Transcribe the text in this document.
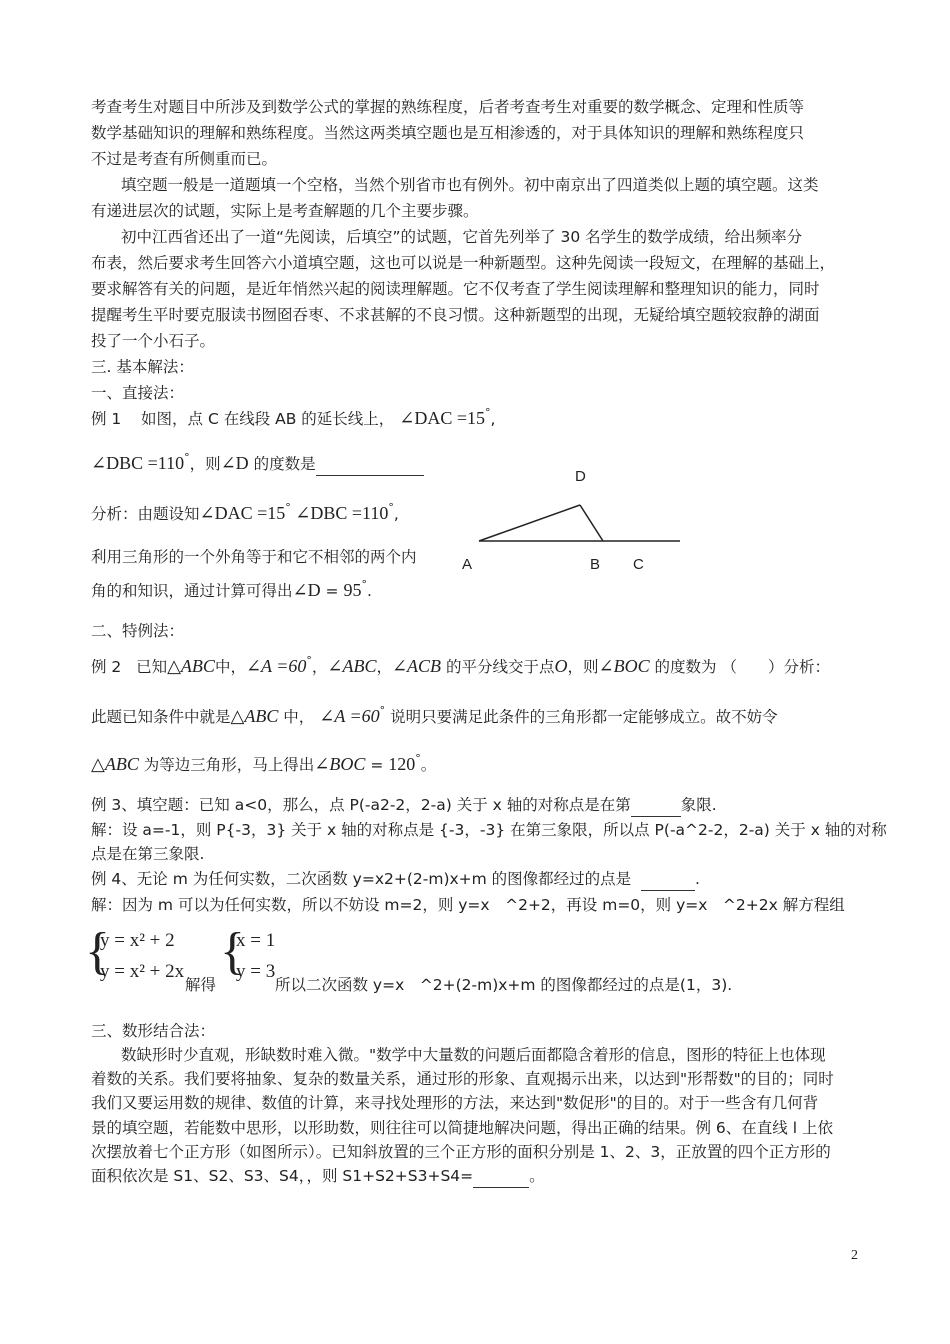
考查考生对题目中所涉及到数学公式的掌握的熟练程度，后者考查考生对重要的数学概念、定理和性质等
数学基础知识的理解和熟练程度。当然这两类填空题也是互相渗透的，对于具体知识的理解和熟练程度只
不过是考查有所侧重而已。
填空题一般是一道题填一个空格，当然个别省市也有例外。初中南京出了四道类似上题的填空题。这类
有递进层次的试题，实际上是考查解题的几个主要步骤。
初中江西省还出了一道“先阅读，后填空”的试题，它首先列举了 30 名学生的数学成绩，给出频率分
布表，然后要求考生回答六小道填空题，这也可以说是一种新题型。这种先阅读一段短文，在理解的基础上，
要求解答有关的问题，是近年悄然兴起的阅读理解题。它不仅考查了学生阅读理解和整理知识的能力，同时
提醒考生平时要克服读书囫囵吞枣、不求甚解的不良习惯。这种新题型的出现，无疑给填空题较寂静的湖面
投了一个小石子。
三. 基本解法：
一、直接法：
例 1 如图，点 C 在线段 AB 的延长线上， ∠DAC =15°,
∠DBC =110°，则∠D 的度数是
分析：由题设知∠DAC =15° ∠DBC =110°,
利用三角形的一个外角等于和它不相邻的两个内
角的和知识，通过计算可得出∠D = 95°.
D
A	B C
二、特例法：
例 2 已知△ABC中，∠A =60°，∠ABC，∠ACB 的平分线交于点O，则∠BOC 的度数为 （　　）分析：
此题已知条件中就是△ABC 中， ∠A =60° 说明只要满足此条件的三角形都一定能够成立。故不妨令
△ABC 为等边三角形，马上得出∠BOC = 120°。
例 3、填空题：已知 a<0，那么，点 P(-a2-2，2-a) 关于 x 轴的对称点是在第	象限.
解：设 a=-1，则 P{-3，3} 关于 x 轴的对称点是 {-3，-3} 在第三象限，所以点 P(-a^2-2，2-a) 关于 x 轴的对称
点是在第三象限.
例 4、无论 m 为任何实数，二次函数 y=x2+(2-m)x+m 的图像都经过的点是	.
解：因为 m 可以为任何实数，所以不妨设 m=2，则 y=x　^2+2，再设 m=0，则 y=x　^2+2x 解方程组
{
y = x² + 2
y = x² + 2x
解得
{
x = 1
y = 3
所以二次函数 y=x　^2+(2-m)x+m 的图像都经过的点是(1，3).
三、数形结合法：
数缺形时少直观，形缺数时难入微。"数学中大量数的问题后面都隐含着形的信息，图形的特征上也体现
着数的关系。我们要将抽象、复杂的数量关系，通过形的形象、直观揭示出来，以达到"形帮数"的目的；同时
我们又要运用数的规律、数值的计算，来寻找处理形的方法，来达到"数促形"的目的。对于一些含有几何背
景的填空题，若能数中思形，以形助数，则往往可以简捷地解决问题，得出正确的结果。例 6、在直线 l 上依
次摆放着七个正方形（如图所示）。已知斜放置的三个正方形的面积分别是 1、2、3，正放置的四个正方形的
面积依次是 S1、S2、S3、S4，，则 S1+S2+S3+S4=	。
2
